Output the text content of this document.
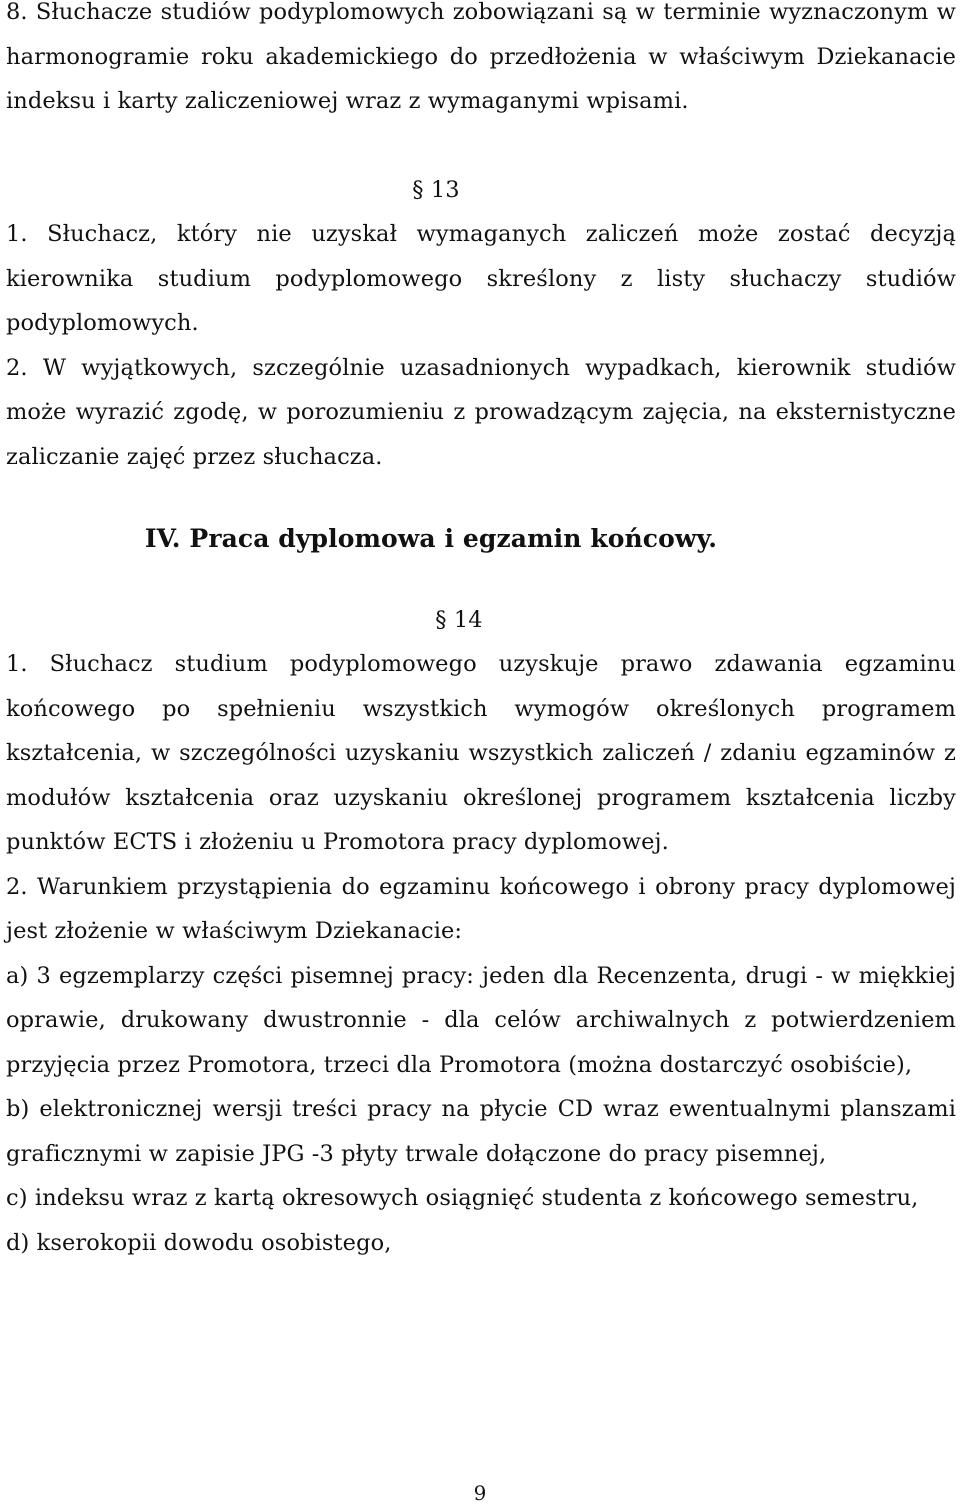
8. Słuchacze studiów podyplomowych zobowiązani są w terminie wyznaczonym w harmonogramie roku akademickiego do przedłożenia w właściwym Dziekanacie indeksu i karty zaliczeniowej wraz z wymaganymi wpisami.

§ 13

1. Słuchacz, który nie uzyskał wymaganych zaliczeń może zostać decyzją kierownika studium podyplomowego skreślony z listy słuchaczy studiów podyplomowych.

2. W wyjątkowych, szczególnie uzasadnionych wypadkach, kierownik studiów może wyrazić zgodę, w porozumieniu z prowadzącym zajęcia, na eksternistyczne zaliczanie zajęć przez słuchacza.

IV. Praca dyplomowa i egzamin końcowy.

§ 14

1. Słuchacz studium podyplomowego uzyskuje prawo zdawania egzaminu końcowego po spełnieniu wszystkich wymogów określonych programem kształcenia, w szczególności uzyskaniu wszystkich zaliczeń / zdaniu egzaminów z modułów kształcenia oraz uzyskaniu określonej programem kształcenia liczby punktów ECTS i złożeniu u Promotora pracy dyplomowej.

2. Warunkiem przystąpienia do egzaminu końcowego i obrony pracy dyplomowej jest złożenie w właściwym Dziekanacie:

a) 3 egzemplarzy części pisemnej pracy: jeden dla Recenzenta, drugi - w miękkiej oprawie, drukowany dwustronnie - dla celów archiwalnych z potwierdzeniem przyjęcia przez Promotora, trzeci dla Promotora (można dostarczyć osobiście),

b) elektronicznej wersji treści pracy na płycie CD wraz ewentualnymi planszami graficznymi w zapisie JPG -3 płyty trwale dołączone do pracy pisemnej,

c) indeksu wraz z kartą okresowych osiągnięć studenta z końcowego semestru,

d) kserokopii dowodu osobistego,

9
